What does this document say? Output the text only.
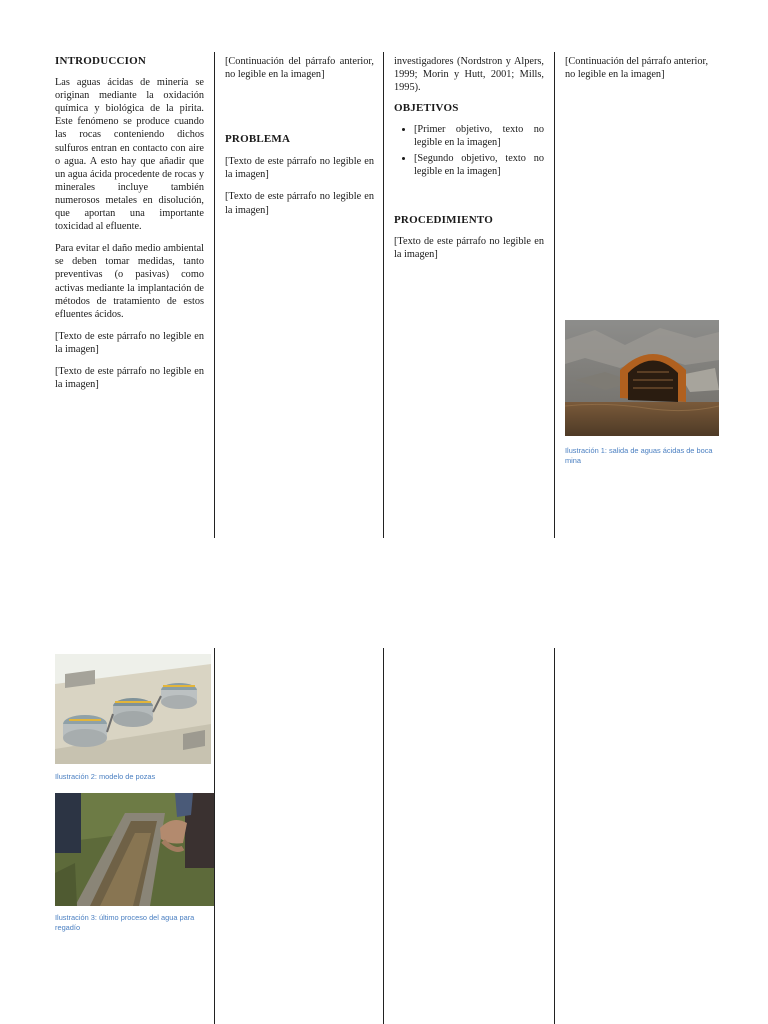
INTRODUCCION

Las aguas ácidas de minería se originan mediante la oxidación química y biológica de la pirita. Este fenómeno se produce cuando las rocas conteniendo dichos sulfuros entran en contacto con aire o agua. A esto hay que añadir que un agua ácida procedente de rocas y minerales incluye también numerosos metales en disolución, que aportan una importante toxicidad al efluente.

Para evitar el daño medio ambiental se deben tomar medidas, tanto preventivas (o pasivas) como activas mediante la implantación de métodos de tratamiento de estos efluentes ácidos.

[Texto de este párrafo no legible en la imagen]

[Texto de este párrafo no legible en la imagen]

[Continuación del párrafo anterior, no legible en la imagen]

PROBLEMA

[Texto de este párrafo no legible en la imagen]

[Texto de este párrafo no legible en la imagen]

investigadores (Nordstron y Alpers, 1999; Morin y Hutt, 2001; Mills, 1995).

OBJETIVOS
• [Primer objetivo, texto no legible en la imagen]
• [Segundo objetivo, texto no legible en la imagen]
PROCEDIMIENTO

[Texto de este párrafo no legible en la imagen]

[Continuación del párrafo anterior, no legible en la imagen]

Ilustración 1: salida de aguas ácidas de boca mina
Ilustración 2: modelo de pozas
Ilustración 3: último proceso del agua para regadío
